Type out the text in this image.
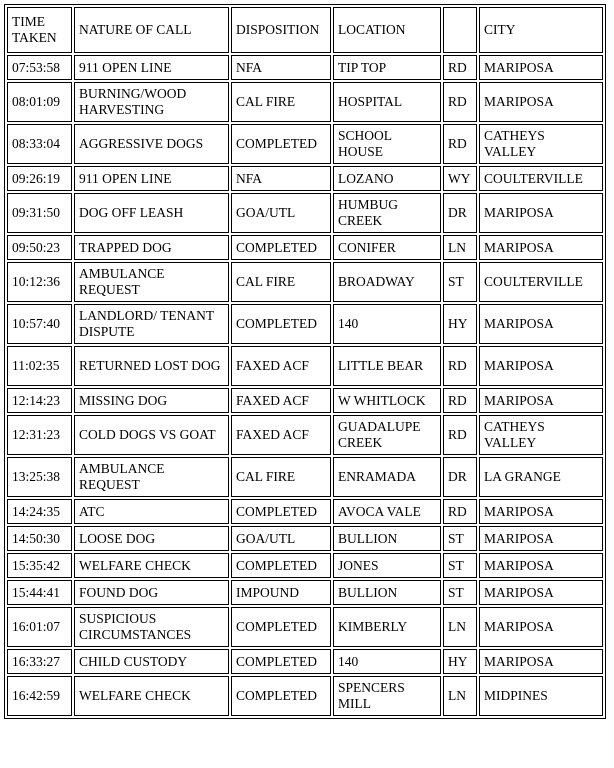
TIME TAKEN	NATURE OF CALL	DISPOSITION	LOCATION		CITY
07:53:58	911 OPEN LINE	NFA	TIP TOP	RD	MARIPOSA
08:01:09	BURNING/WOOD HARVESTING	CAL FIRE	HOSPITAL	RD	MARIPOSA
08:33:04	AGGRESSIVE DOGS	COMPLETED	SCHOOL HOUSE	RD	CATHEYS VALLEY
09:26:19	911 OPEN LINE	NFA	LOZANO	WY	COULTERVILLE
09:31:50	DOG OFF LEASH	GOA/UTL	HUMBUG CREEK	DR	MARIPOSA
09:50:23	TRAPPED DOG	COMPLETED	CONIFER	LN	MARIPOSA
10:12:36	AMBULANCE REQUEST	CAL FIRE	BROADWAY	ST	COULTERVILLE
10:57:40	LANDLORD/ TENANT DISPUTE	COMPLETED	140	HY	MARIPOSA
11:02:35	RETURNED LOST DOG	FAXED ACF	LITTLE BEAR	RD	MARIPOSA
12:14:23	MISSING DOG	FAXED ACF	W WHITLOCK	RD	MARIPOSA
12:31:23	COLD DOGS VS GOAT	FAXED ACF	GUADALUPE CREEK	RD	CATHEYS VALLEY
13:25:38	AMBULANCE REQUEST	CAL FIRE	ENRAMADA	DR	LA GRANGE
14:24:35	ATC	COMPLETED	AVOCA VALE	RD	MARIPOSA
14:50:30	LOOSE DOG	GOA/UTL	BULLION	ST	MARIPOSA
15:35:42	WELFARE CHECK	COMPLETED	JONES	ST	MARIPOSA
15:44:41	FOUND DOG	IMPOUND	BULLION	ST	MARIPOSA
16:01:07	SUSPICIOUS CIRCUMSTANCES	COMPLETED	KIMBERLY	LN	MARIPOSA
16:33:27	CHILD CUSTODY	COMPLETED	140	HY	MARIPOSA
16:42:59	WELFARE CHECK	COMPLETED	SPENCERS MILL	LN	MIDPINES
